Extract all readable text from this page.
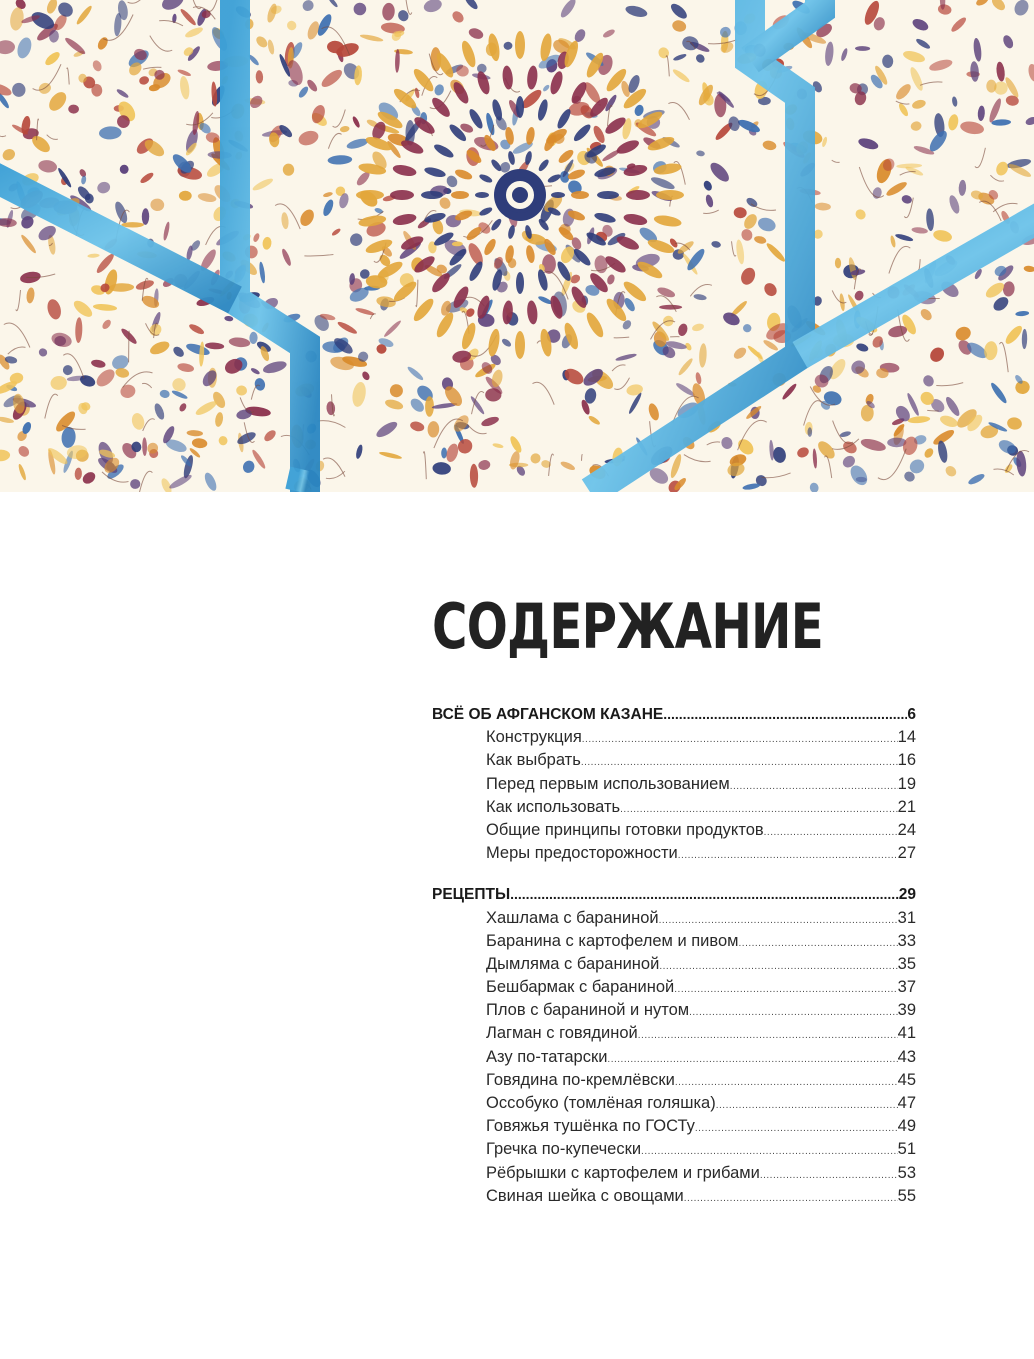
СОДЕРЖАНИЕ
ВСЁ ОБ АФГАНСКОМ КАЗАНЕ .....	6
Конструкция .....	14
Как выбрать .....	16
Перед первым использованием .....	19
Как использовать .....	21
Общие принципы готовки продуктов .....	24
Меры предосторожности .....	27
РЕЦЕПТЫ .....	29
Хашлама с бараниной .....	31
Баранина с картофелем и пивом .....	33
Дымляма с бараниной .....	35
Бешбармак с бараниной .....	37
Плов с бараниной и нутом .....	39
Лагман с говядиной .....	41
Азу по-татарски .....	43
Говядина по-кремлёвски .....	45
Оссобуко (томлёная голяшка) .....	47
Говяжья тушёнка по ГОСТу .....	49
Гречка по-купечески .....	51
Рёбрышки с картофелем и грибами .....	53
Свиная шейка с овощами .....	55
